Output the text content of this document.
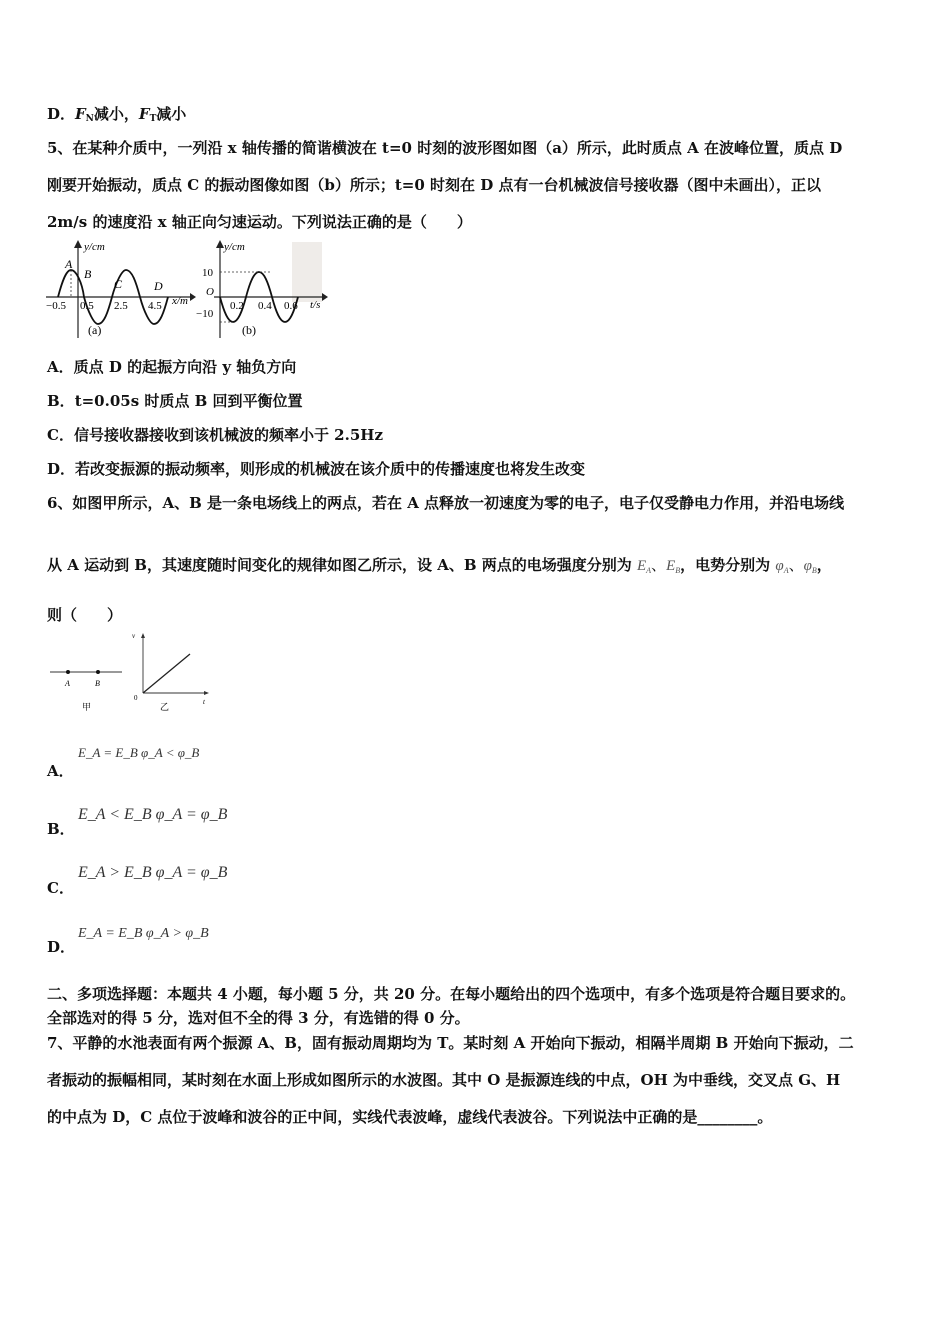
D．$F_N$减小，$F_T$减小
5、在某种介质中，一列沿 x 轴传播的简谐横波在 t=0 时刻的波形图如图（a）所示，此时质点 A 在波峰位置，质点 D
刚要开始振动，质点 C 的振动图像如图（b）所示；t=0 时刻在 D 点有一台机械波信号接收器（图中未画出），正以
2m/s 的速度沿 x 轴正向匀速运动。下列说法正确的是（　　）
y/cm
x/m
A
B
C	D
−0.5 0.5 2.5 4.5
(a)
y/cm
t/s
10
−10
O
0.2 0.4 0.6
(b)
A．质点 D 的起振方向沿 y 轴负方向
B．t=0.05s 时质点 B 回到平衡位置
C．信号接收器接收到该机械波的频率小于 2.5Hz
D．若改变振源的振动频率，则形成的机械波在该介质中的传播速度也将发生改变
6、如图甲所示，A、B 是一条电场线上的两点，若在 A 点释放一初速度为零的电子，电子仅受静电力作用，并沿电场线
从 A 运动到 B，其速度随时间变化的规律如图乙所示，设 A、B 两点的电场强度分别为 $E_A$、$E_B$，电势分别为 $\varphi_A$、$\varphi_B$，
则（　　）
A	B
甲
v
t
0
乙
A．
E_A = E_B φ_A < φ_B
B．
E_A < E_B φ_A = φ_B
C．
E_A > E_B φ_A = φ_B
D．
E_A = E_B φ_A > φ_B
二、多项选择题：本题共 4 小题，每小题 5 分，共 20 分。在每小题给出的四个选项中，有多个选项是符合题目要求的。
全部选对的得 5 分，选对但不全的得 3 分，有选错的得 0 分。
7、平静的水池表面有两个振源 A、B，固有振动周期均为 T。某时刻 A 开始向下振动，相隔半周期 B 开始向下振动，二
者振动的振幅相同，某时刻在水面上形成如图所示的水波图。其中 O 是振源连线的中点，OH 为中垂线，交叉点 G、H
的中点为 D，C 点位于波峰和波谷的正中间，实线代表波峰，虚线代表波谷。下列说法中正确的是________。
